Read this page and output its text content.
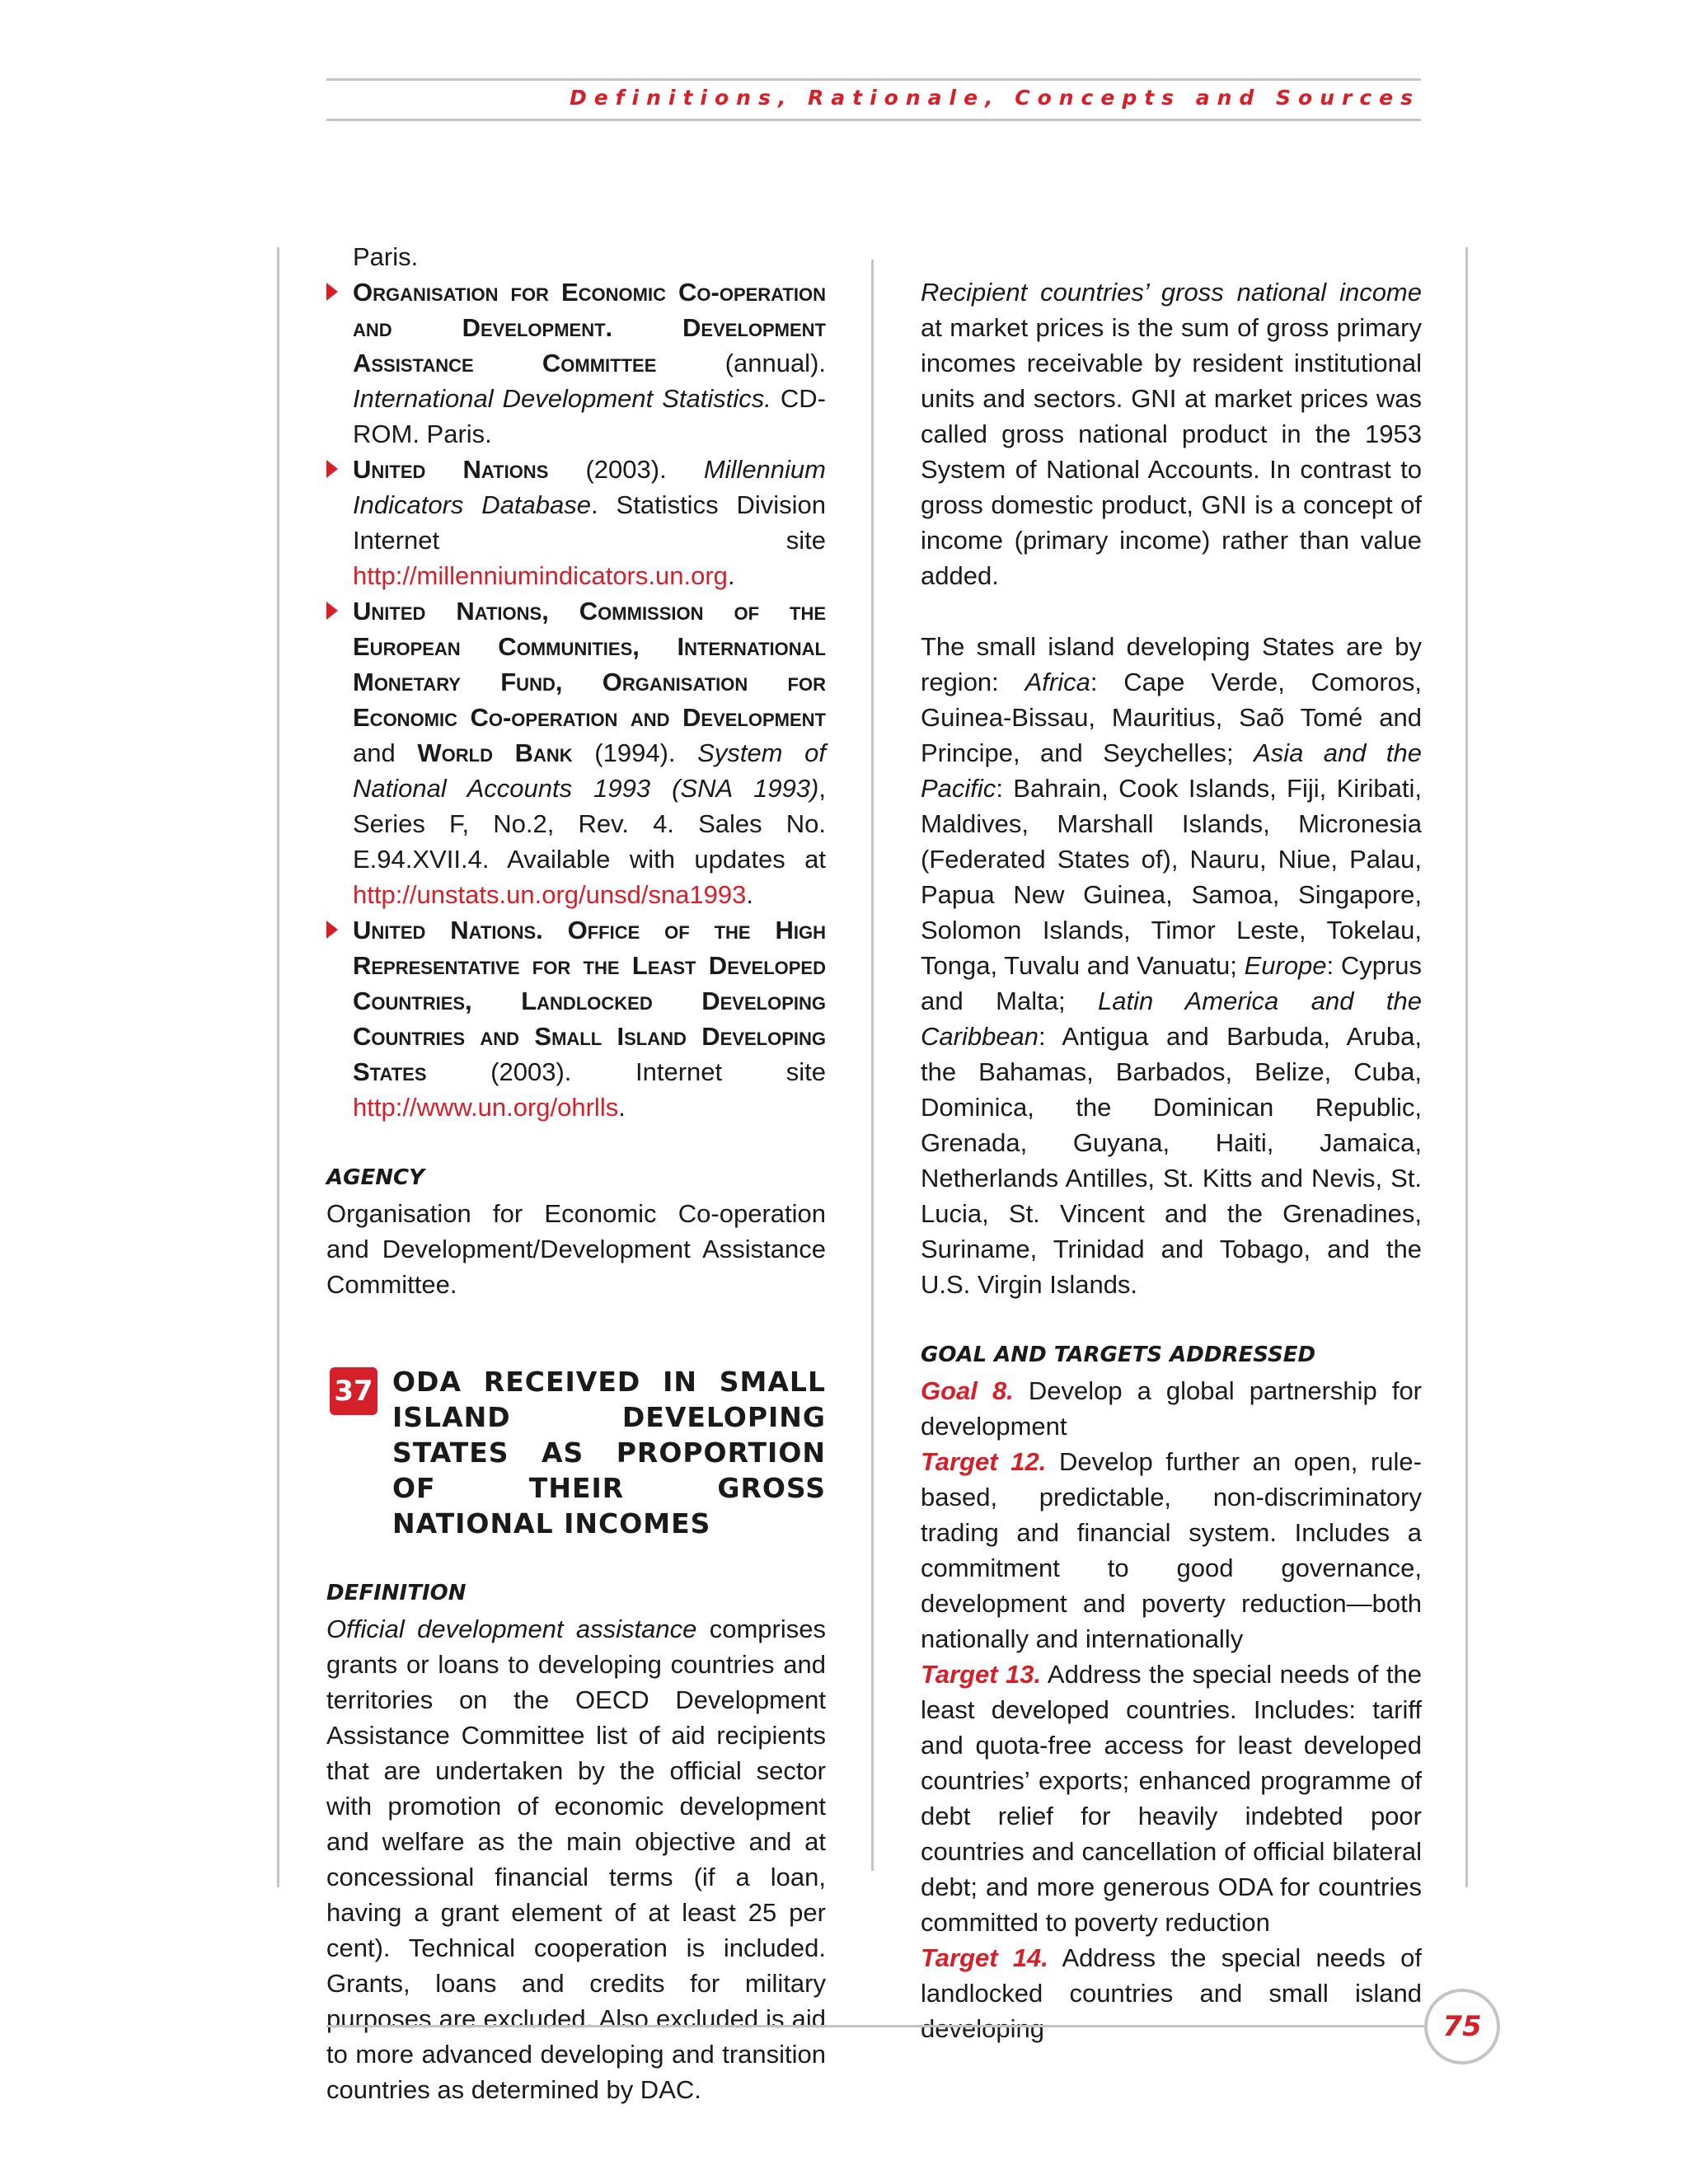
Definitions, Rationale, Concepts and Sources

Paris.

Organisation for Economic Co-operation and Development. Development Assistance Committee (annual). International Development Statistics. CD-ROM. Paris.
United Nations (2003). Millennium Indicators Database. Statistics Division Internet site http://millenniumindicators.un.org.
United Nations, Commission of the European Communities, International Monetary Fund, Organisation for Economic Co-operation and Development and World Bank (1994). System of National Accounts 1993 (SNA 1993), Series F, No.2, Rev. 4. Sales No. E.94.XVII.4. Available with updates at http://unstats.un.org/unsd/sna1993.
United Nations. Office of the High Representative for the Least Developed Countries, Landlocked Developing Countries and Small Island Developing States (2003). Internet site http://www.un.org/ohrlls.
AGENCY

Organisation for Economic Co-operation and Development/Development Assistance Committee.

37 ODA RECEIVED IN SMALL ISLAND DEVELOPING STATES AS PROPORTION OF THEIR GROSS NATIONAL INCOMES
DEFINITION

Official development assistance comprises grants or loans to developing countries and territories on the OECD Development Assistance Committee list of aid recipients that are undertaken by the official sector with promotion of economic development and welfare as the main objective and at concessional financial terms (if a loan, having a grant element of at least 25 per cent). Technical cooperation is included. Grants, loans and credits for military purposes are excluded. Also excluded is aid to more advanced developing and transition countries as determined by DAC.

Recipient countries’ gross national income at market prices is the sum of gross primary incomes receivable by resident institutional units and sectors. GNI at market prices was called gross national product in the 1953 System of National Accounts. In contrast to gross domestic product, GNI is a concept of income (primary income) rather than value added.

The small island developing States are by region: Africa: Cape Verde, Comoros, Guinea-Bissau, Mauritius, Saõ Tomé and Principe, and Seychelles; Asia and the Pacific: Bahrain, Cook Islands, Fiji, Kiribati, Maldives, Marshall Islands, Micronesia (Federated States of), Nauru, Niue, Palau, Papua New Guinea, Samoa, Singapore, Solomon Islands, Timor Leste, Tokelau, Tonga, Tuvalu and Vanuatu; Europe: Cyprus and Malta; Latin America and the Caribbean: Antigua and Barbuda, Aruba, the Bahamas, Barbados, Belize, Cuba, Dominica, the Dominican Republic, Grenada, Guyana, Haiti, Jamaica, Netherlands Antilles, St. Kitts and Nevis, St. Lucia, St. Vincent and the Grenadines, Suriname, Trinidad and Tobago, and the U.S. Virgin Islands.

GOAL AND TARGETS ADDRESSED

Goal 8. Develop a global partnership for development

Target 12. Develop further an open, rule-based, predictable, non-discriminatory trading and financial system. Includes a commitment to good governance, development and poverty reduction—both nationally and internationally

Target 13. Address the special needs of the least developed countries. Includes: tariff and quota-free access for least developed countries’ exports; enhanced programme of debt relief for heavily indebted poor countries and cancellation of official bilateral debt; and more generous ODA for countries committed to poverty reduction

Target 14. Address the special needs of landlocked countries and small island developing	75
